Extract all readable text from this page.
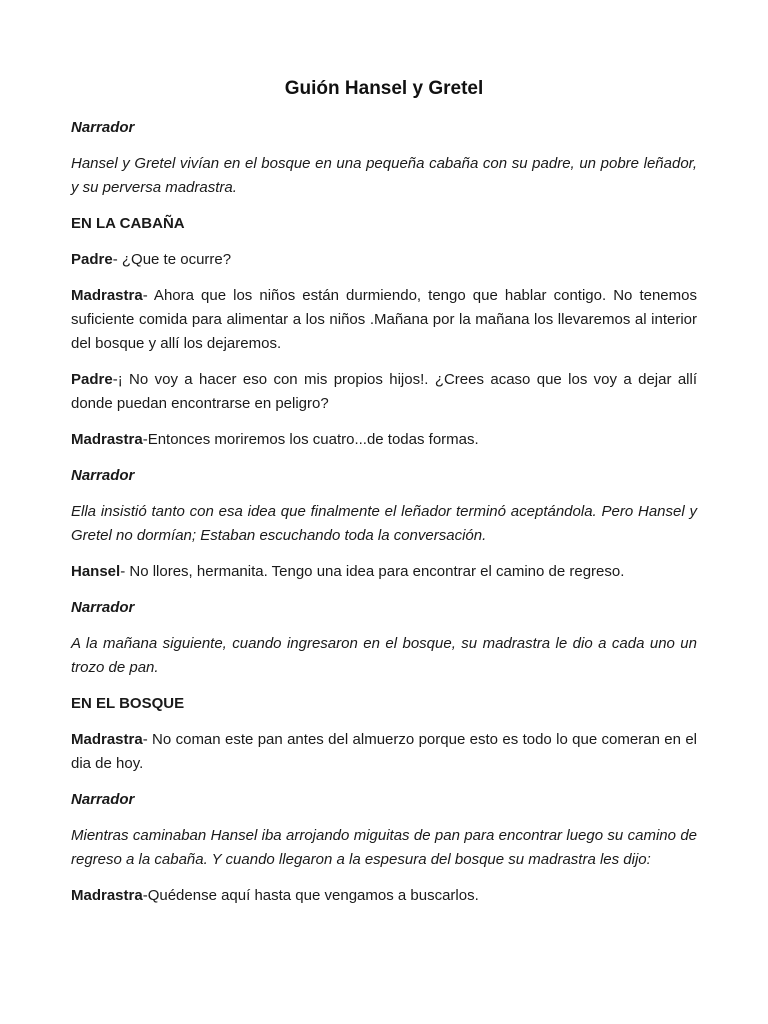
Guión Hansel y Gretel
Narrador
Hansel y Gretel vivían en el bosque en una pequeña cabaña con su padre, un pobre leñador, y su perversa madrastra.
EN LA CABAÑA
Padre- ¿Que te ocurre?
Madrastra- Ahora que los niños están durmiendo, tengo que hablar contigo. No tenemos suficiente comida para alimentar a los niños .Mañana por la mañana los llevaremos al interior del bosque y allí los dejaremos.
Padre-¡ No voy a hacer eso con mis propios hijos!. ¿Crees acaso que los voy a dejar allí donde puedan encontrarse en peligro?
Madrastra-Entonces moriremos los cuatro...de todas formas.
Narrador
Ella insistió tanto con esa idea que finalmente el leñador terminó aceptándola. Pero Hansel y Gretel no dormían; Estaban escuchando toda la conversación.
Hansel- No llores, hermanita. Tengo una idea para encontrar el camino de regreso.
Narrador
A la mañana siguiente, cuando ingresaron en el bosque, su madrastra le dio a cada uno un trozo de pan.
EN EL BOSQUE
Madrastra- No coman este pan antes del almuerzo porque esto es todo lo que comeran en el dia de hoy.
Narrador
Mientras caminaban Hansel iba arrojando miguitas de pan para encontrar luego su camino de regreso a la cabaña. Y cuando llegaron a la espesura del bosque su madrastra les dijo:
Madrastra-Quédense aquí hasta que vengamos a buscarlos.
